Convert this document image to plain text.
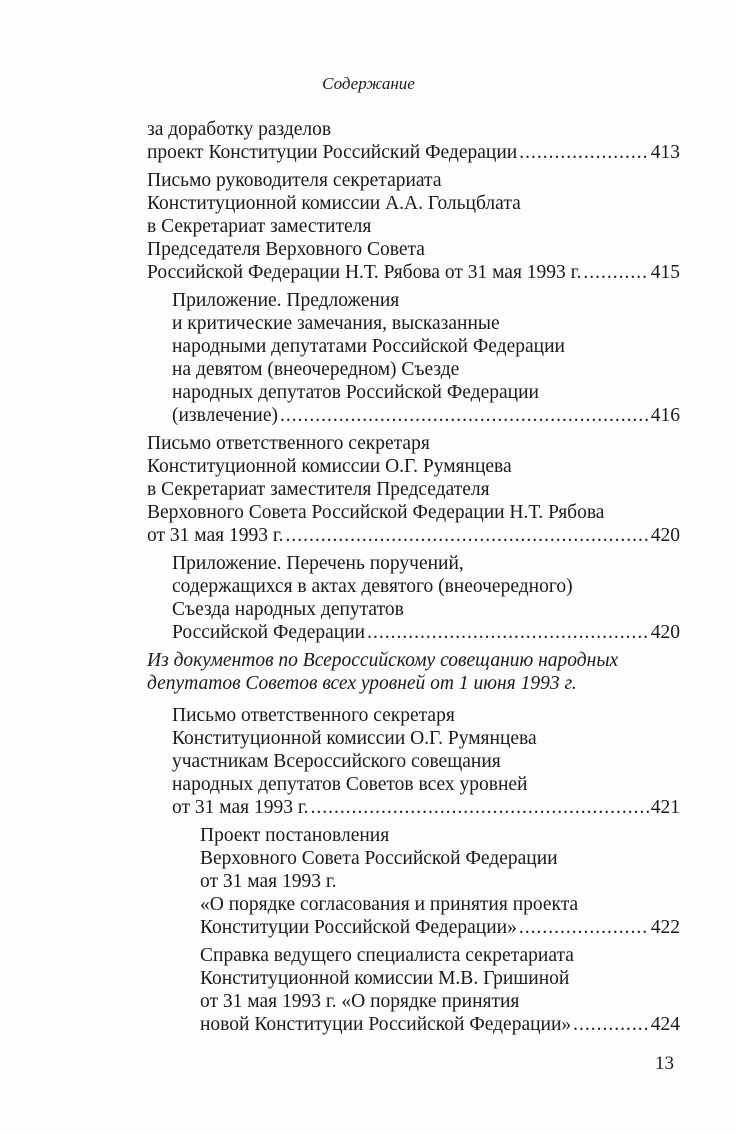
Содержание
за доработку разделов
проект Конституции Российский Федерации .....	413
Письмо руководителя секретариата
Конституционной комиссии А.А. Гольцблата
в Секретариат заместителя
Председателя Верховного Совета
Российской Федерации Н.Т. Рябова от 31 мая 1993 г. .....	415
Приложение. Предложения
и критические замечания, высказанные
народными депутатами Российской Федерации
на девятом (внеочередном) Съезде
народных депутатов Российской Федерации
(извлечение) .....	416
Письмо ответственного секретаря
Конституционной комиссии О.Г. Румянцева
в Секретариат заместителя Председателя
Верховного Совета Российской Федерации Н.Т. Рябова
от 31 мая 1993 г. .....	420
Приложение. Перечень поручений,
содержащихся в актах девятого (внеочередного)
Съезда народных депутатов
Российской Федерации .....	420
Из документов по Всероссийскому совещанию народных
депутатов Советов всех уровней от 1 июня 1993 г.
Письмо ответственного секретаря
Конституционной комиссии О.Г. Румянцева
участникам Всероссийского совещания
народных депутатов Советов всех уровней
от 31 мая 1993 г. .....	421
Проект постановления
Верховного Совета Российской Федерации
от 31 мая 1993 г.
«О порядке согласования и принятия проекта
Конституции Российской Федерации» .....	422
Справка ведущего специалиста секретариата
Конституционной комиссии М.В. Гришиной
от 31 мая 1993 г. «О порядке принятия
новой Конституции Российской Федерации» .....	424
13
